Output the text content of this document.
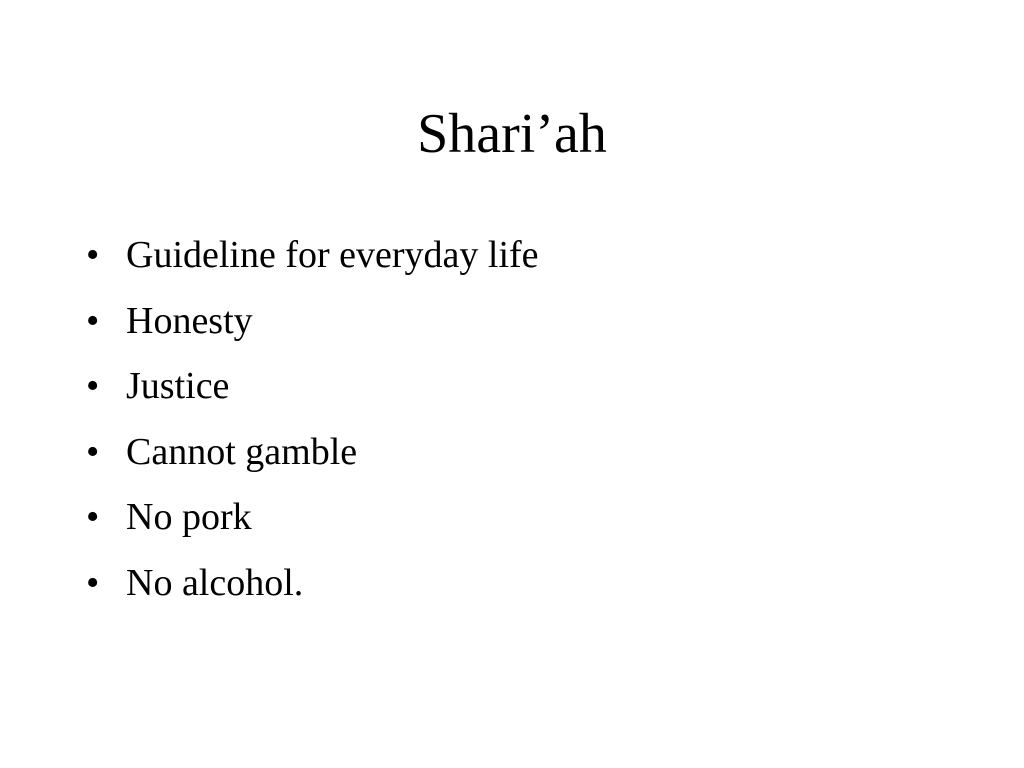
Shari’ah
• Guideline for everyday life
• Honesty
• Justice
• Cannot gamble
• No pork
• No alcohol.
